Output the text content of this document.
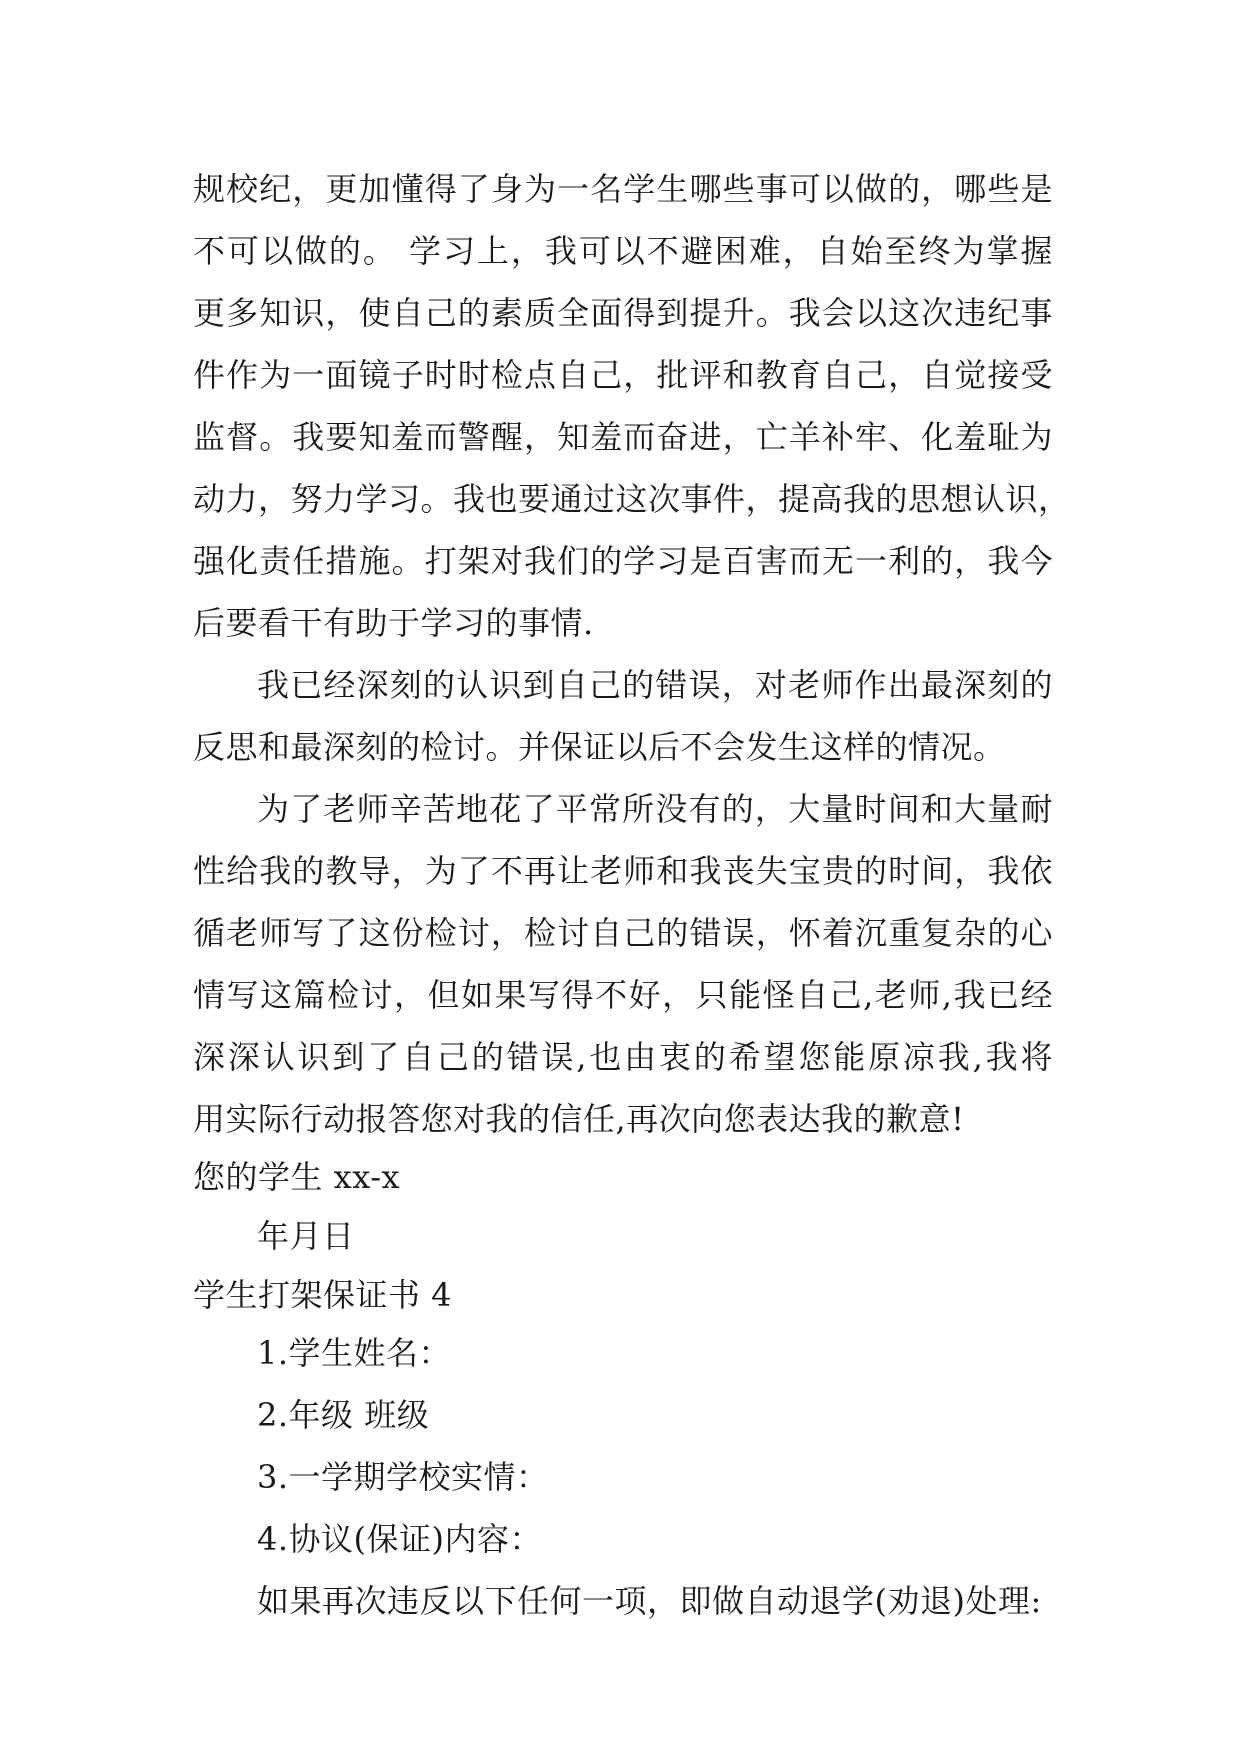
规校纪，更加懂得了身为一名学生哪些事可以做的，哪些是
不可以做的。 学习上，我可以不避困难，自始至终为掌握
更多知识，使自己的素质全面得到提升。我会以这次违纪事
件作为一面镜子时时检点自己，批评和教育自己，自觉接受
监督。我要知羞而警醒，知羞而奋进，亡羊补牢、化羞耻为
动力，努力学习。我也要通过这次事件，提高我的思想认识，
强化责任措施。打架对我们的学习是百害而无一利的，我今
后要看干有助于学习的事情.
我已经深刻的认识到自己的错误，对老师作出最深刻的
反思和最深刻的检讨。并保证以后不会发生这样的情况。
为了老师辛苦地花了平常所没有的，大量时间和大量耐
性给我的教导，为了不再让老师和我丧失宝贵的时间，我依
循老师写了这份检讨，检讨自己的错误，怀着沉重复杂的心
情写这篇检讨，但如果写得不好，只能怪自己,老师,我已经
深深认识到了自己的错误,也由衷的希望您能原凉我,我将
用实际行动报答您对我的信任,再次向您表达我的歉意!
您的学生 xx-x
年月日
学生打架保证书 4
1.学生姓名：
2.年级 班级
3.一学期学校实情：
4.协议(保证)内容：
如果再次违反以下任何一项，即做自动退学(劝退)处理:
